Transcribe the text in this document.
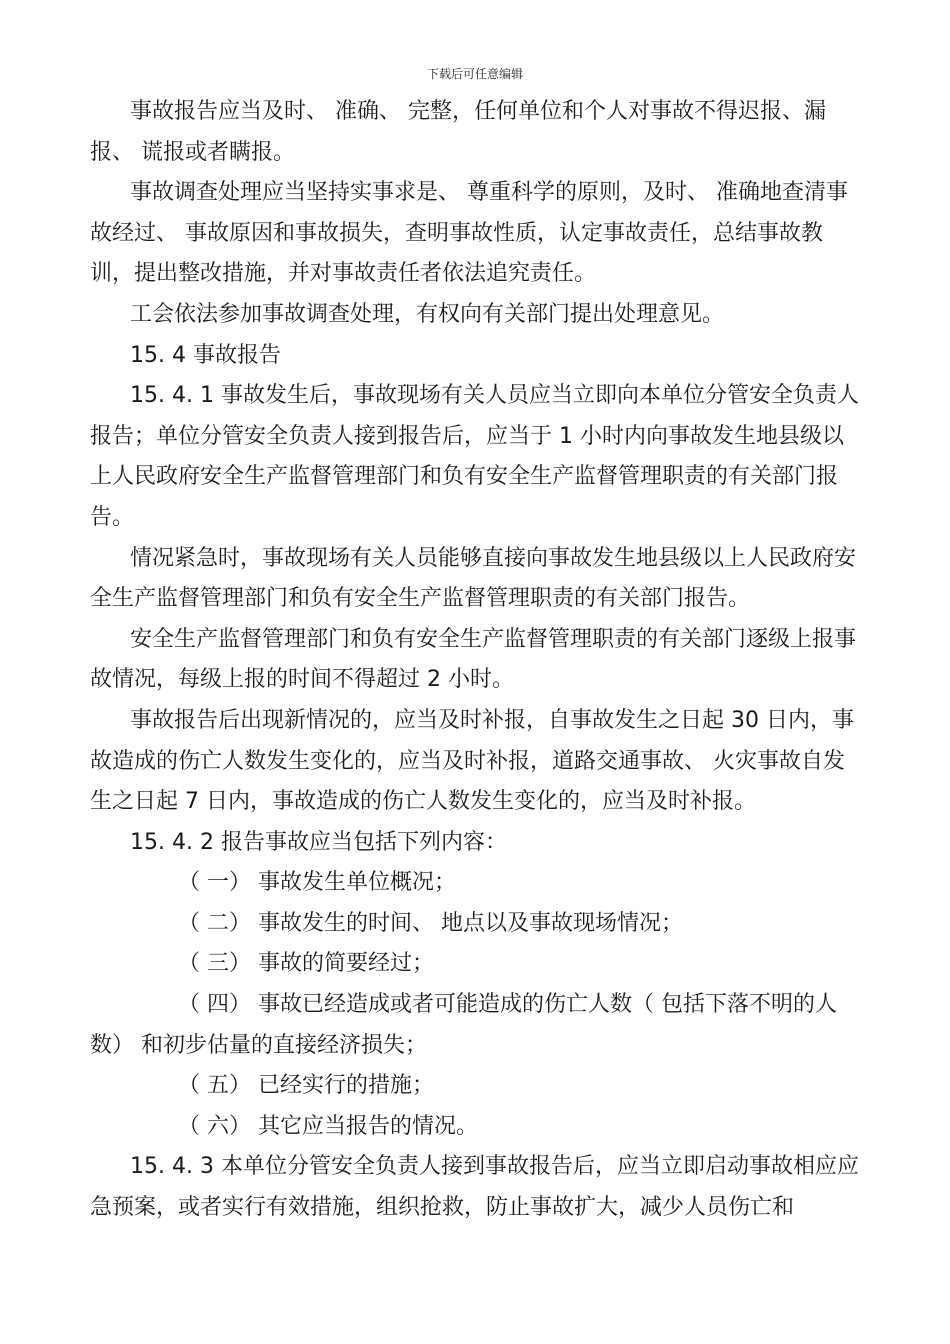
下载后可任意编辑

事故报告应当及时、 准确、 完整，任何单位和个人对事故不得迟报、漏报、 谎报或者瞒报。

事故调查处理应当坚持实事求是、 尊重科学的原则，及时、 准确地查清事故经过、 事故原因和事故损失，查明事故性质，认定事故责任，总结事故教训，提出整改措施，并对事故责任者依法追究责任。

工会依法参加事故调查处理，有权向有关部门提出处理意见。

15. 4 事故报告

15. 4. 1 事故发生后，事故现场有关人员应当立即向本单位分管安全负责人报告；单位分管安全负责人接到报告后，应当于 1 小时内向事故发生地县级以上人民政府安全生产监督管理部门和负有安全生产监督管理职责的有关部门报告。

情况紧急时，事故现场有关人员能够直接向事故发生地县级以上人民政府安全生产监督管理部门和负有安全生产监督管理职责的有关部门报告。

安全生产监督管理部门和负有安全生产监督管理职责的有关部门逐级上报事故情况，每级上报的时间不得超过 2 小时。

事故报告后出现新情况的，应当及时补报，自事故发生之日起 30 日内，事故造成的伤亡人数发生变化的，应当及时补报，道路交通事故、 火灾事故自发生之日起 7 日内，事故造成的伤亡人数发生变化的，应当及时补报。

15. 4. 2 报告事故应当包括下列内容：

（ 一） 事故发生单位概况；

（ 二） 事故发生的时间、 地点以及事故现场情况；

（ 三） 事故的简要经过；

（ 四） 事故已经造成或者可能造成的伤亡人数（ 包括下落不明的人数） 和初步估量的直接经济损失；

（ 五） 已经实行的措施；

（ 六） 其它应当报告的情况。

15. 4. 3 本单位分管安全负责人接到事故报告后，应当立即启动事故相应应急预案，或者实行有效措施，组织抢救，防止事故扩大，减少人员伤亡和
